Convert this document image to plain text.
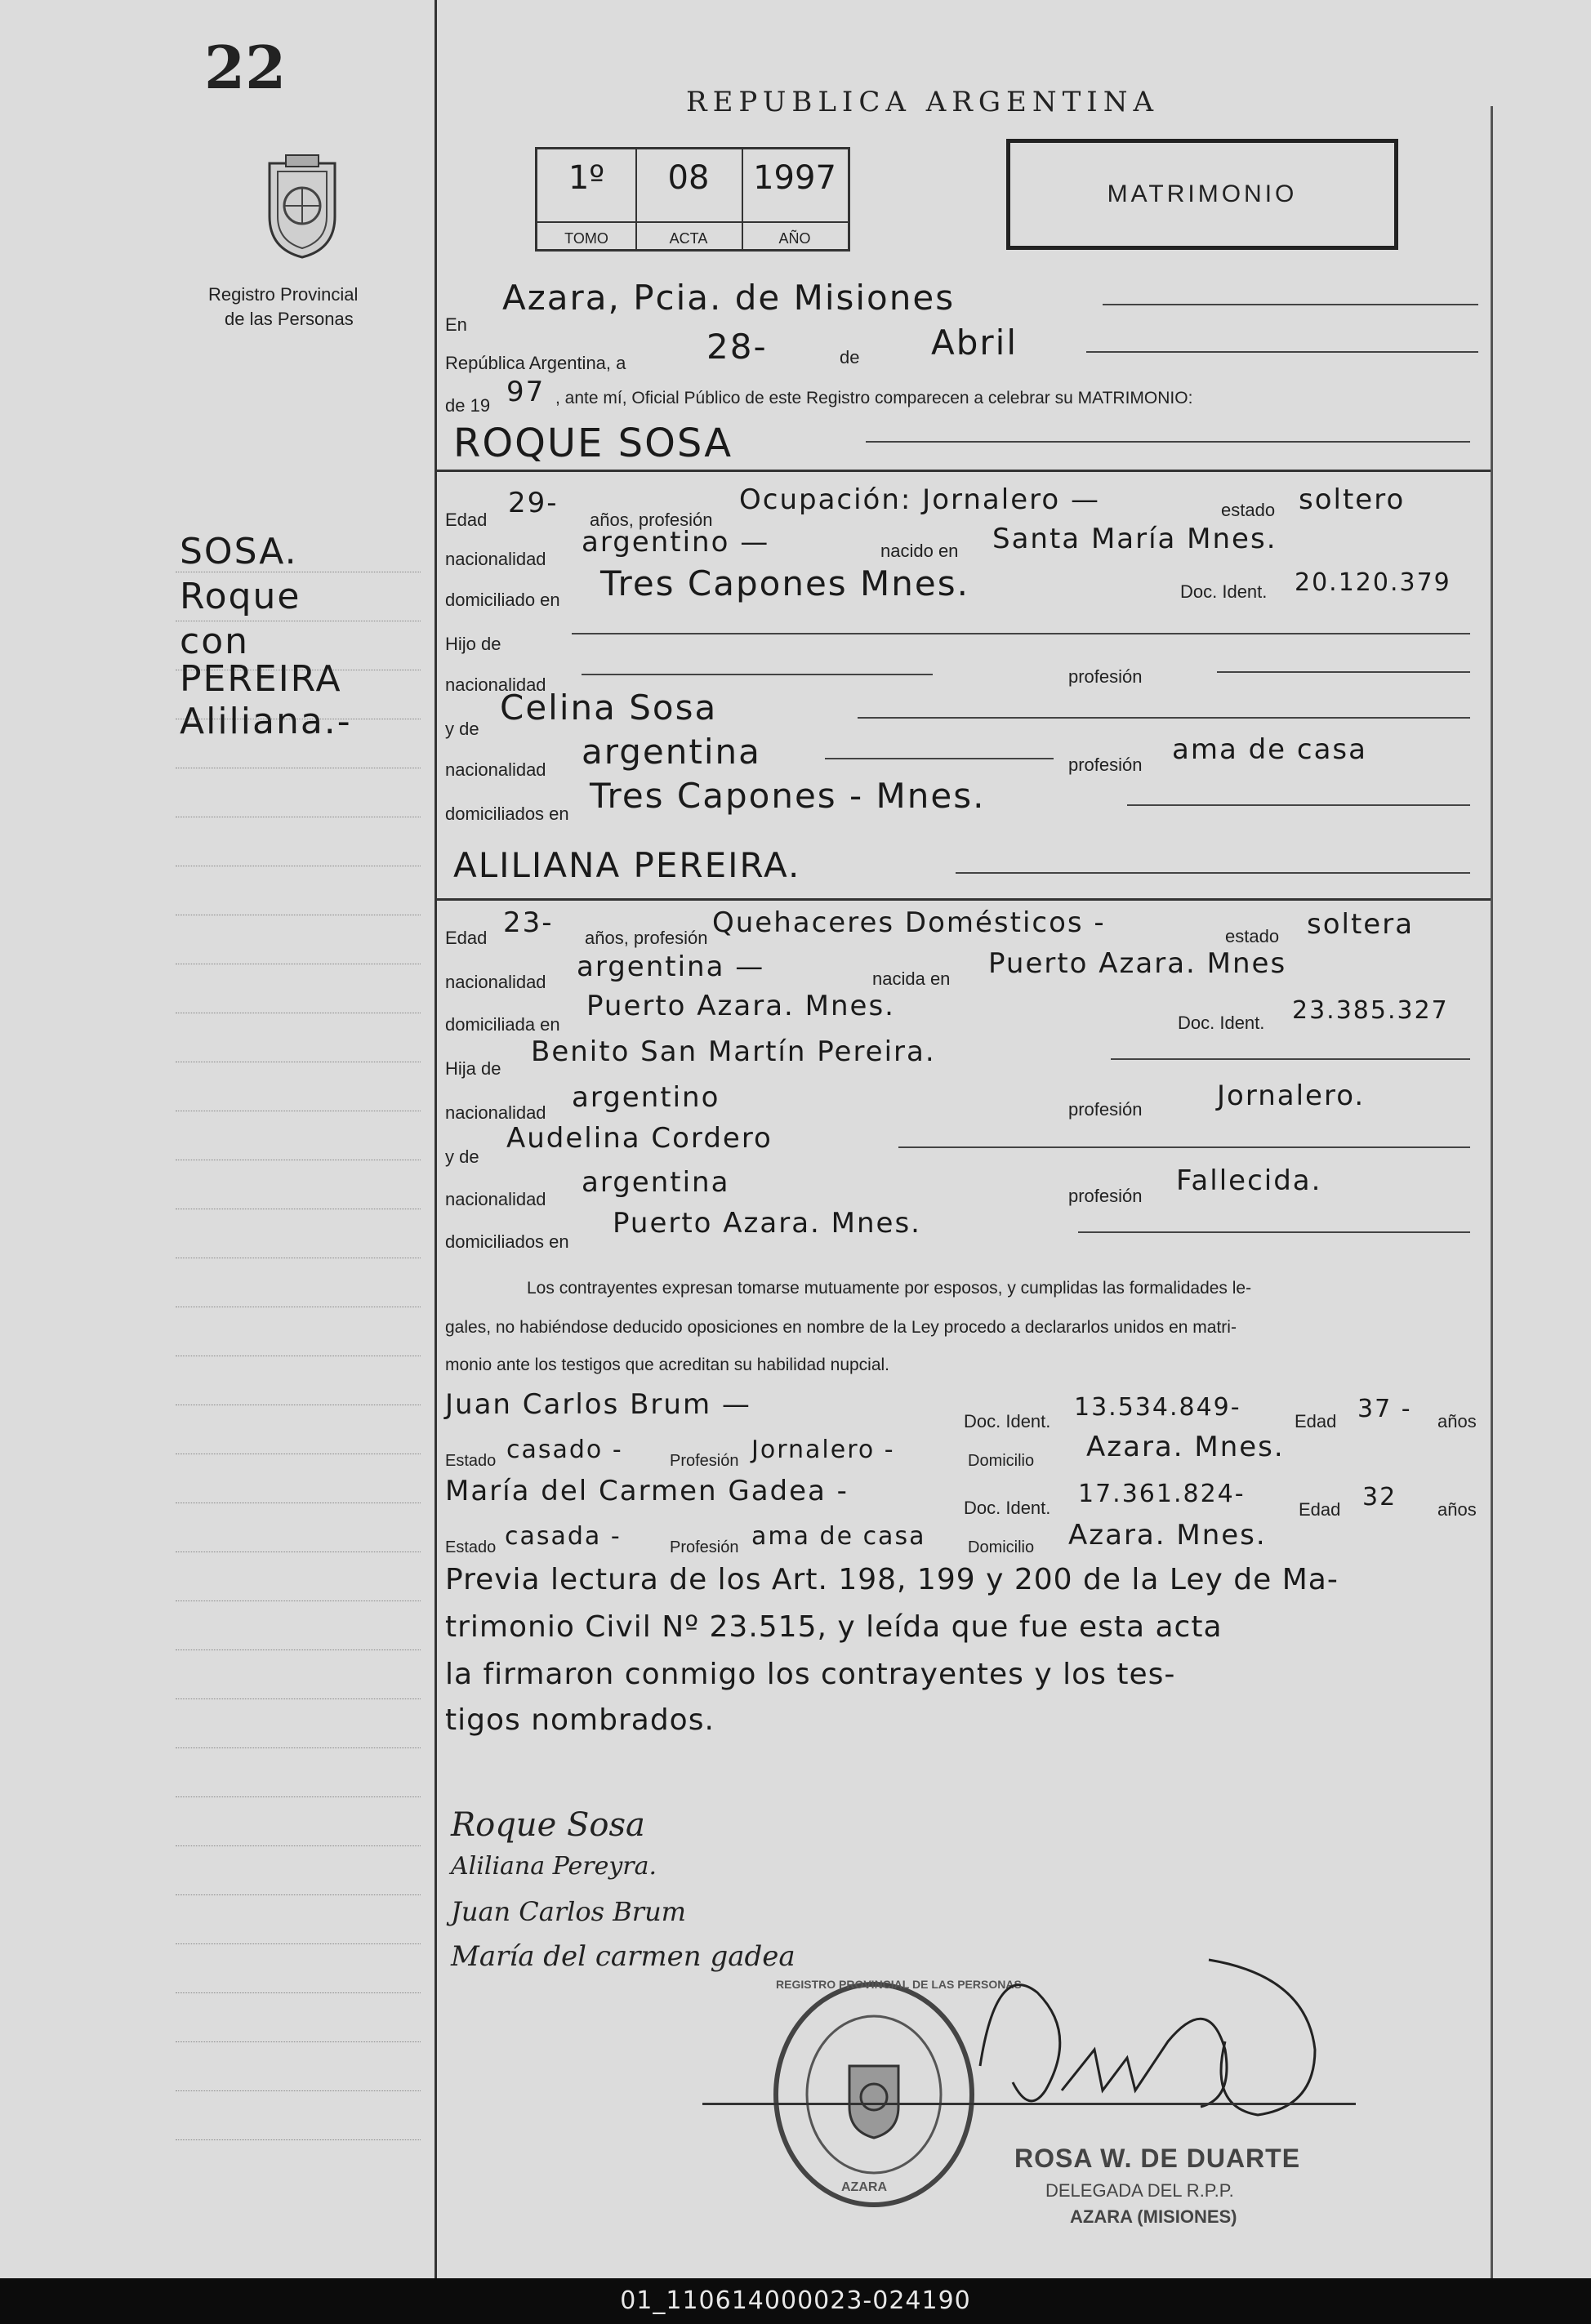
22
Registro Provincial
de las Personas
SOSA.
Roque
con
PEREIRA
Aliliana.-
REPUBLICA ARGENTINA
1º
TOMO
08
ACTA
1997
AÑO
MATRIMONIO
En
Azara, Pcia. de Misiones
República Argentina, a 28-	de Abril
de 19 97 , ante mí, Oficial Público de este Registro comparecen a celebrar su MATRIMONIO:
ROQUE SOSA
Edad
29-
años, profesión
Ocupación: Jornalero —	estado soltero
nacionalidad
argentino —	nacido en Santa María Mnes.
domiciliado en Tres Capones Mnes.	Doc. Ident. 20.120.379
Hijo de
nacionalidad	profesión
y de
Celina Sosa
nacionalidad argentina	profesión ama de casa
domiciliados en Tres Capones - Mnes.
ALILIANA PEREIRA.
Edad 23- años, profesión Quehaceres Domésticos -	estado soltera
nacionalidad argentina —	nacida en Puerto Azara. Mnes
domiciliada en
Puerto Azara. Mnes.
Doc. Ident. 23.385.327
Hija de
Benito San Martín Pereira.
nacionalidad argentino	profesión	Jornalero.
y de
Audelina Cordero
nacionalidad
argentina	profesión Fallecida.
domiciliados en
Puerto Azara. Mnes.
Los contrayentes expresan tomarse mutuamente por esposos, y cumplidas las formalidades le-
gales, no habiéndose deducido oposiciones en nombre de la Ley procedo a declararlos unidos en matri-
monio ante los testigos que acreditan su habilidad nupcial.
Juan Carlos Brum —
Doc. Ident. 13.534.849-	Edad 37 - años
Estado casado -	Profesión Jornalero -	Domicilio Azara. Mnes.
María del Carmen Gadea -
Doc. Ident. 17.361.824-
Edad 32 años
Estado casada -	Profesión ama de casa	Domicilio Azara. Mnes.
Previa lectura de los Art. 198, 199 y 200 de la Ley de Ma-
trimonio Civil Nº 23.515, y leída que fue esta acta
la firmaron conmigo los contrayentes y los tes-
tigos nombrados.
Roque Sosa
Aliliana Pereyra.
Juan Carlos Brum
María del carmen gadea
REGISTRO PROVINCIAL DE LAS PERSONAS
AZARA
ROSA W. DE DUARTE
DELEGADA DEL R.P.P.
AZARA (MISIONES)
01_110614000023-024190
